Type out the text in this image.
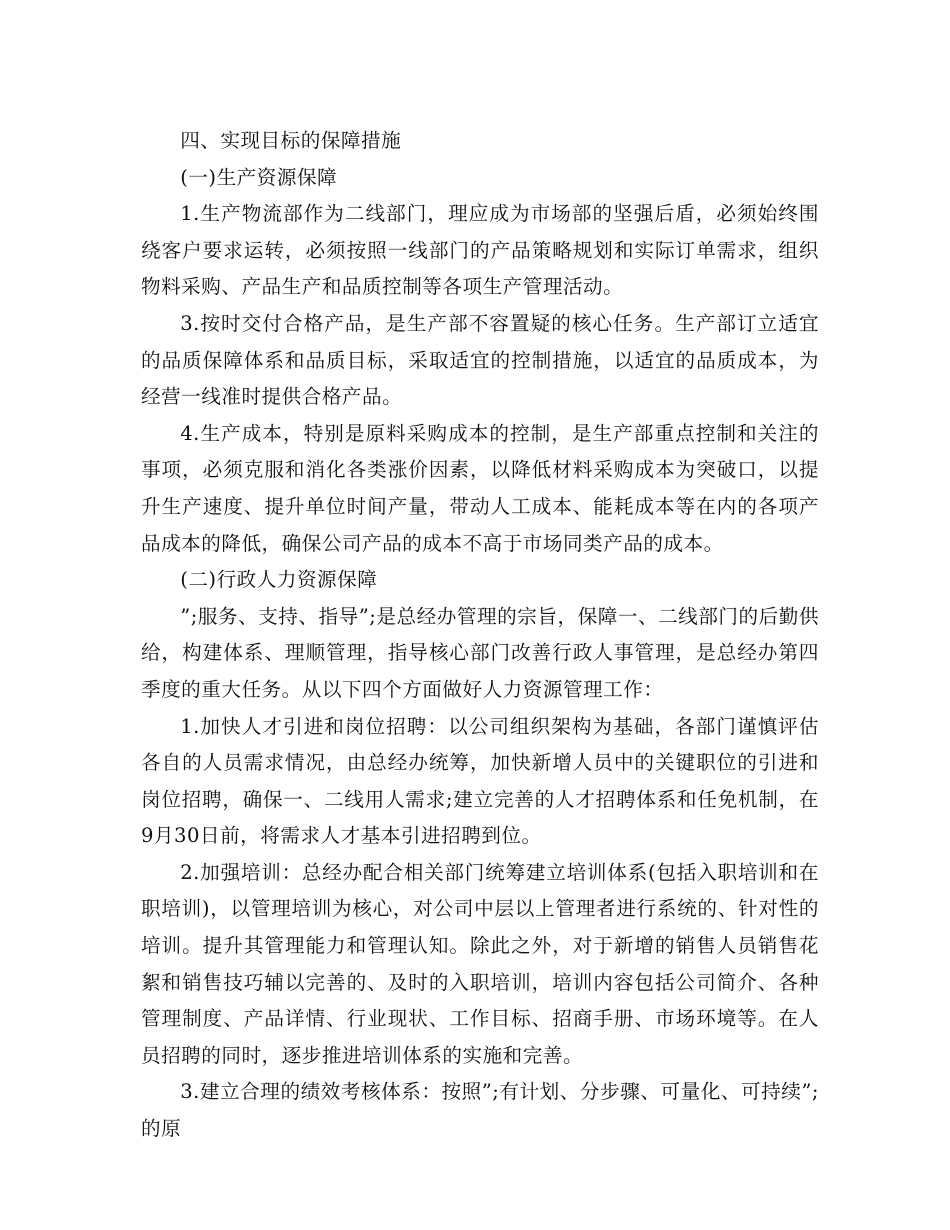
四、实现目标的保障措施

(一)生产资源保障

1.生产物流部作为二线部门，理应成为市场部的坚强后盾，必须始终围绕客户要求运转，必须按照一线部门的产品策略规划和实际订单需求，组织物料采购、产品生产和品质控制等各项生产管理活动。

3.按时交付合格产品，是生产部不容置疑的核心任务。生产部订立适宜的品质保障体系和品质目标，采取适宜的控制措施，以适宜的品质成本，为经营一线准时提供合格产品。

4.生产成本，特别是原料采购成本的控制，是生产部重点控制和关注的事项，必须克服和消化各类涨价因素，以降低材料采购成本为突破口，以提升生产速度、提升单位时间产量，带动人工成本、能耗成本等在内的各项产品成本的降低，确保公司产品的成本不高于市场同类产品的成本。

(二)行政人力资源保障

”;服务、支持、指导”;是总经办管理的宗旨，保障一、二线部门的后勤供给，构建体系、理顺管理，指导核心部门改善行政人事管理，是总经办第四季度的重大任务。从以下四个方面做好人力资源管理工作：

1.加快人才引进和岗位招聘：以公司组织架构为基础，各部门谨慎评估各自的人员需求情况，由总经办统筹，加快新增人员中的关键职位的引进和岗位招聘，确保一、二线用人需求;建立完善的人才招聘体系和任免机制，在9月30日前，将需求人才基本引进招聘到位。

2.加强培训：总经办配合相关部门统筹建立培训体系(包括入职培训和在职培训)，以管理培训为核心，对公司中层以上管理者进行系统的、针对性的培训。提升其管理能力和管理认知。除此之外，对于新增的销售人员销售花絮和销售技巧辅以完善的、及时的入职培训，培训内容包括公司简介、各种管理制度、产品详情、行业现状、工作目标、招商手册、市场环境等。在人员招聘的同时，逐步推进培训体系的实施和完善。

3.建立合理的绩效考核体系：按照”;有计划、分步骤、可量化、可持续”;的原
